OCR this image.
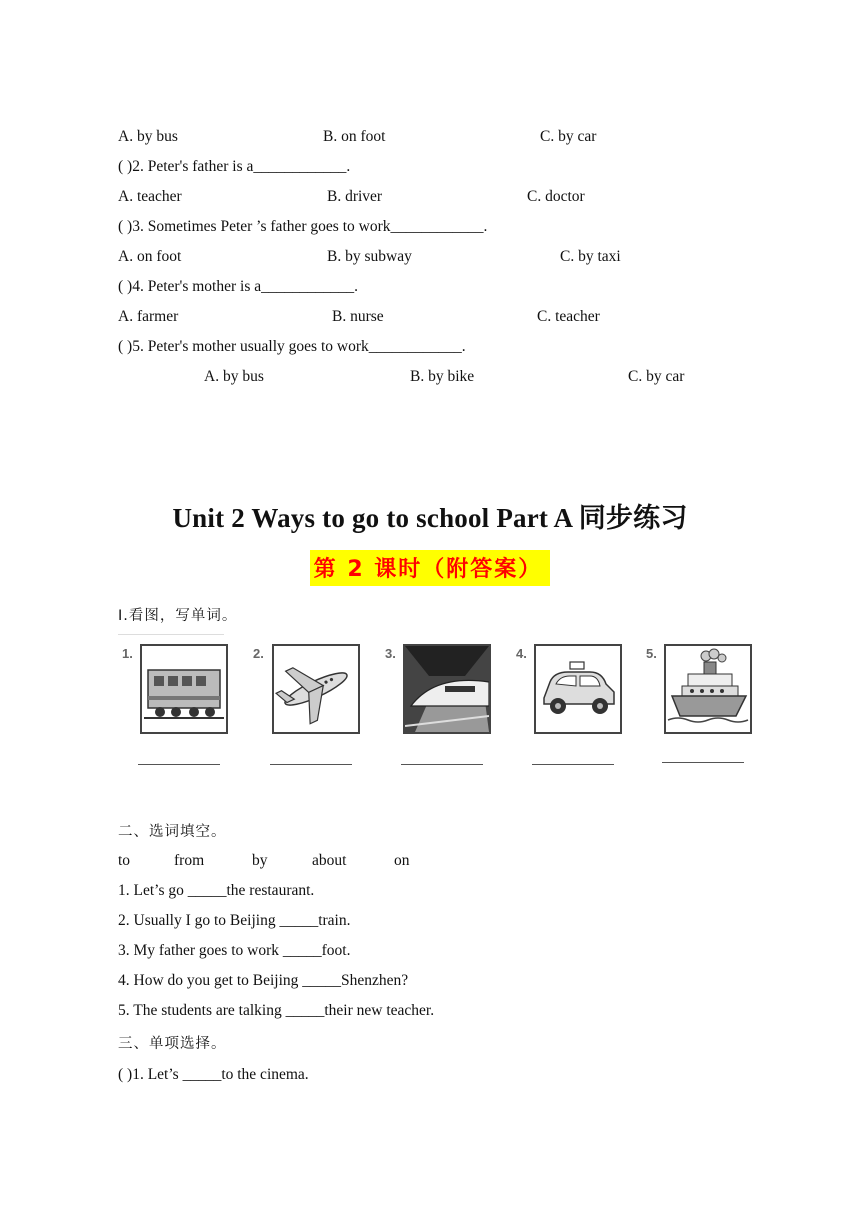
A. by bus	B. on foot	C. by car
( )2. Peter's father is a____________.
A. teacher	B. driver	C. doctor
( )3. Sometimes Peter ’s father goes to work____________.
A. on foot	B. by subway	C. by taxi
( )4. Peter's mother is a____________.
A. farmer	B. nurse	C. teacher
( )5. Peter's mother usually goes to work____________.
A. by bus	B. by bike	C. by car
Unit 2 Ways to go to school Part A 同步练习
第 2 课时（附答案）
Ⅰ.看图，写单词。
1.	2.	3.	4.	5.
二、选词填空。
to	from	by	about	on
1. Let’s go _____the restaurant.
2. Usually I go to Beijing _____train.
3. My father goes to work _____foot.
4. How do you get to Beijing _____Shenzhen?
5. The students are talking _____their new teacher.
三、单项选择。
( )1. Let’s _____to the cinema.
